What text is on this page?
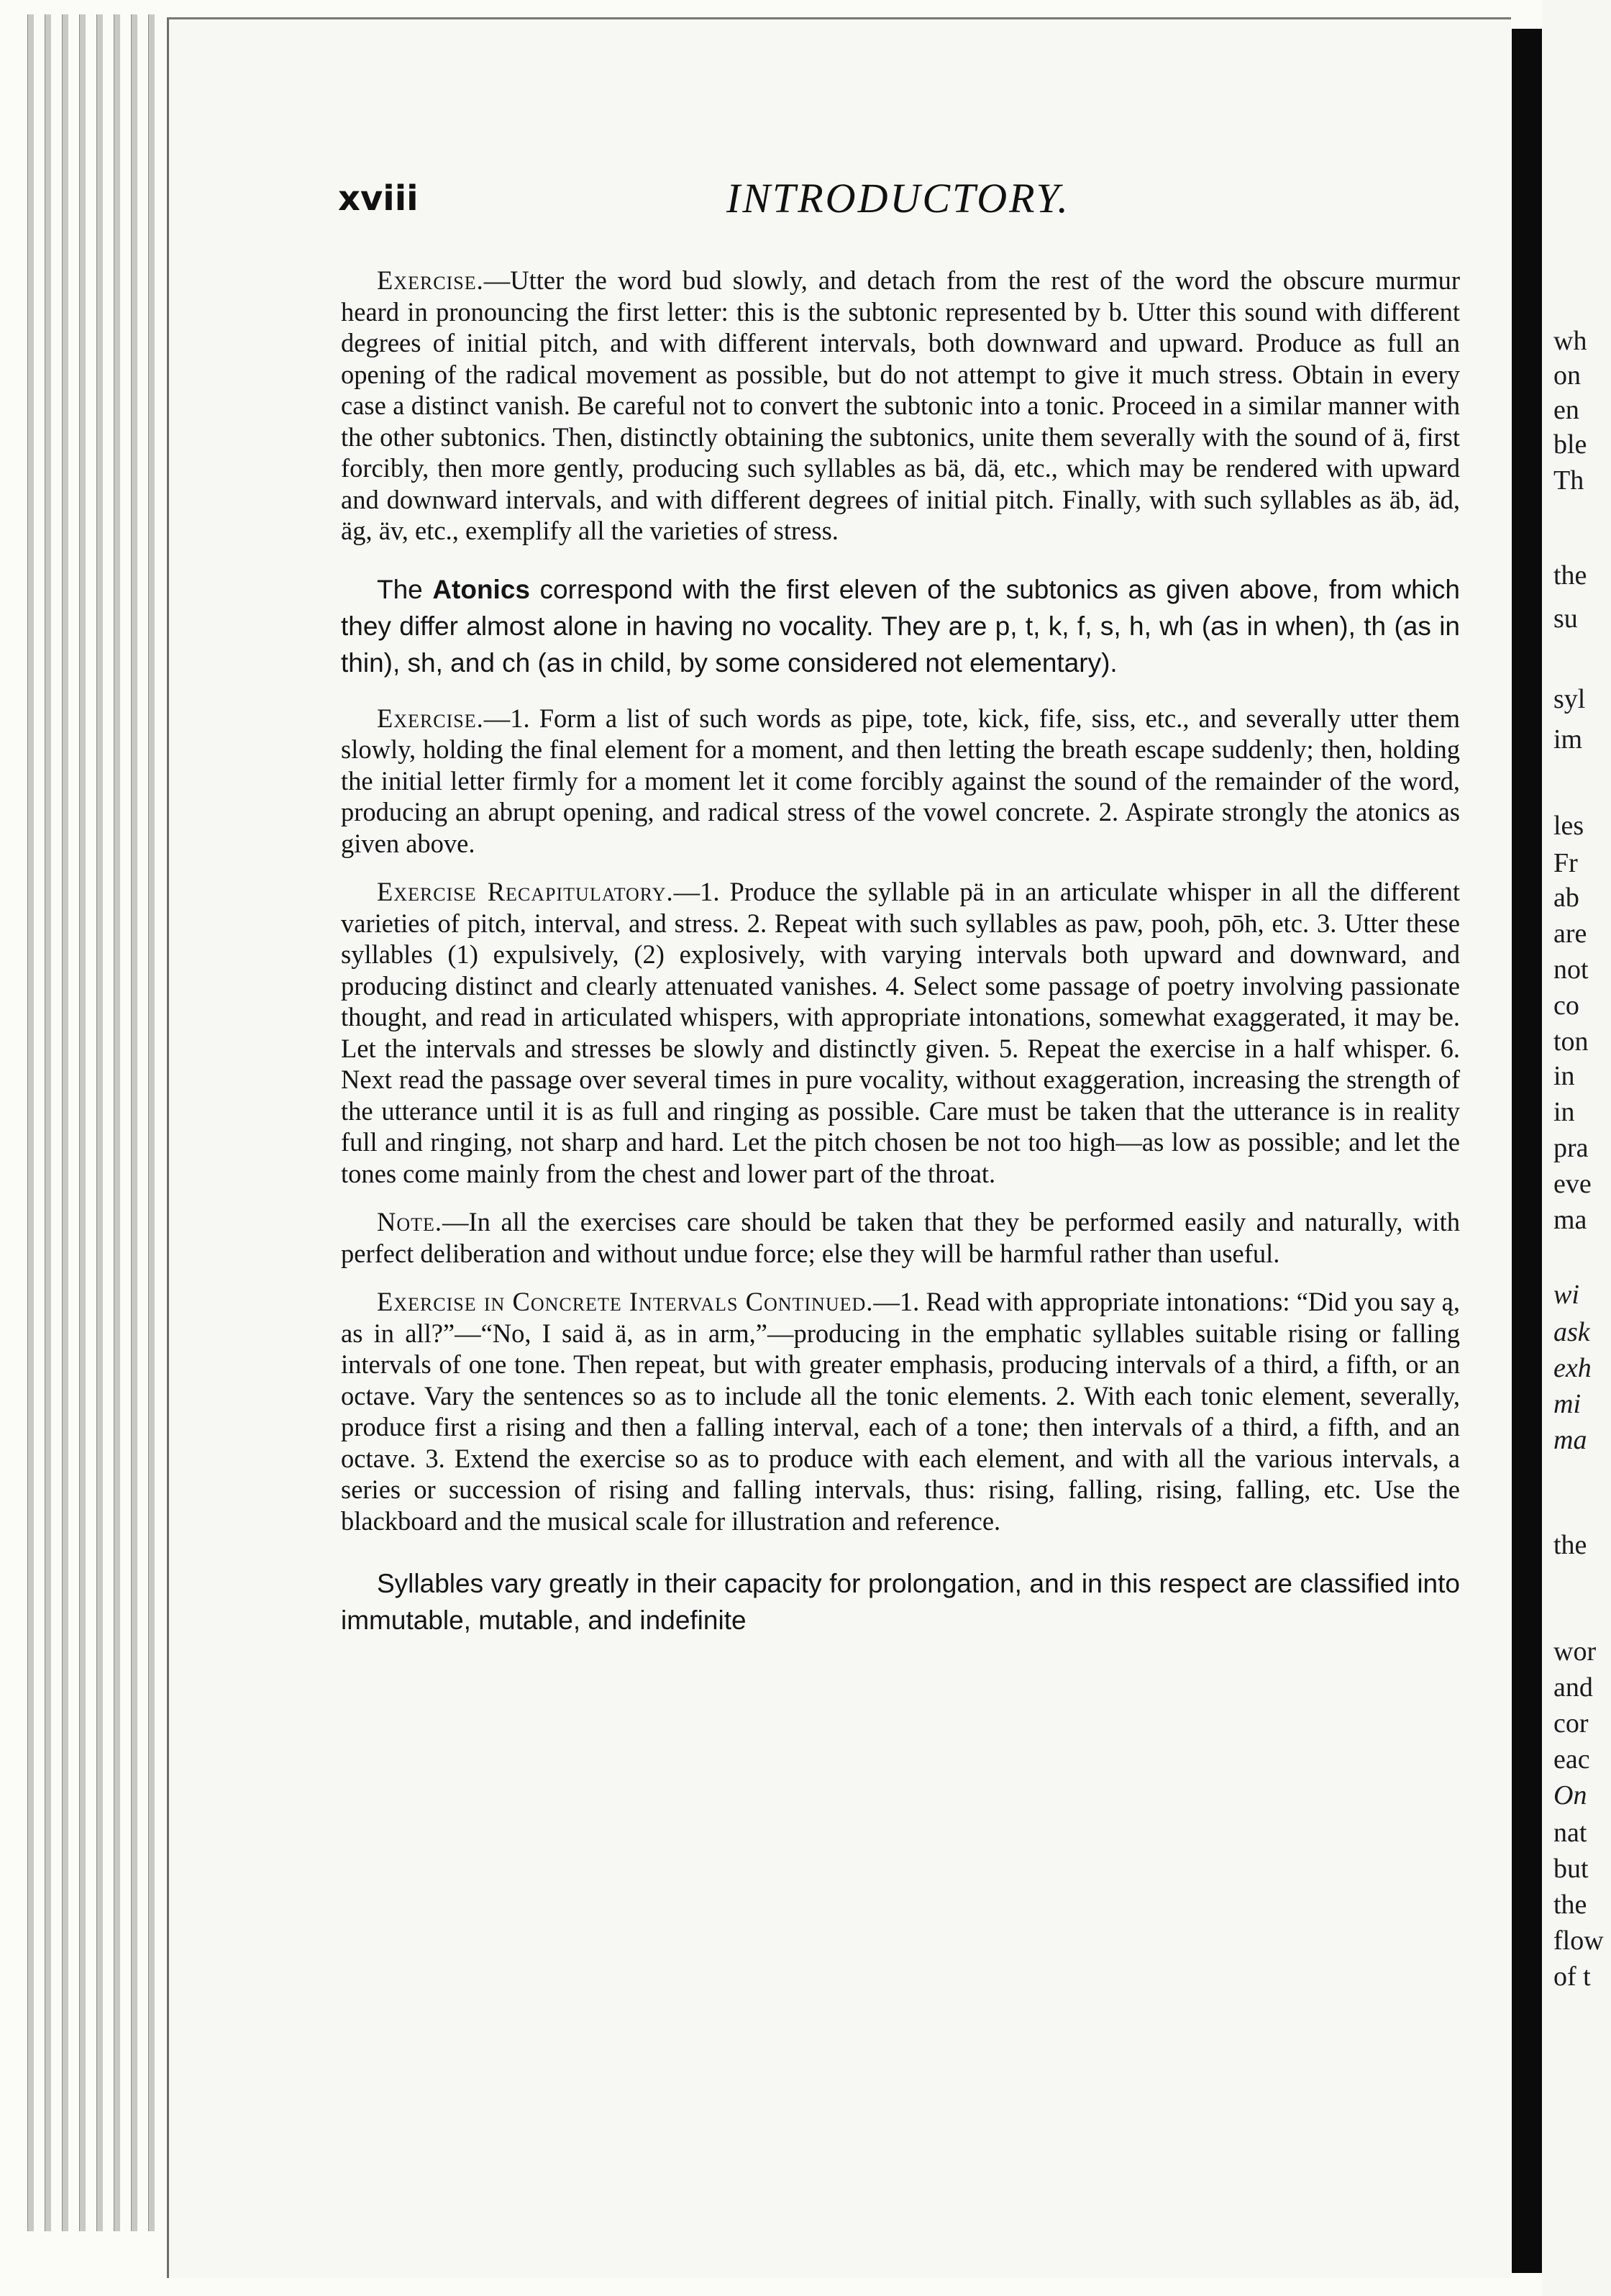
wh
on
en
ble
Th
the
su
syl
im
les
Fr
ab
are
not
co
ton
in
in
pra
eve
ma
wi
ask
exh
mi
ma
the
wor
and
cor
eac
On
nat
but
the
flow
of t
xviii	INTRODUCTORY.

Exercise.—Utter the word bud slowly, and detach from the rest of the word the obscure murmur heard in pronouncing the first letter: this is the subtonic represented by b. Utter this sound with different degrees of initial pitch, and with different intervals, both downward and upward. Produce as full an opening of the radical movement as possible, but do not attempt to give it much stress. Obtain in every case a distinct vanish. Be careful not to convert the subtonic into a tonic. Proceed in a similar manner with the other subtonics. Then, distinctly obtaining the subtonics, unite them severally with the sound of ä, first forcibly, then more gently, producing such syllables as bä, dä, etc., which may be rendered with upward and downward intervals, and with different degrees of initial pitch. Finally, with such syllables as äb, äd, äg, äv, etc., exemplify all the varieties of stress.

The Atonics correspond with the first eleven of the subtonics as given above, from which they differ almost alone in having no vocality. They are p, t, k, f, s, h, wh (as in when), th (as in thin), sh, and ch (as in child, by some considered not elementary).

Exercise.—1. Form a list of such words as pipe, tote, kick, fife, siss, etc., and severally utter them slowly, holding the final element for a moment, and then letting the breath escape suddenly; then, holding the initial letter firmly for a moment let it come forcibly against the sound of the remainder of the word, producing an abrupt opening, and radical stress of the vowel concrete. 2. Aspirate strongly the atonics as given above.

Exercise Recapitulatory.—1. Produce the syllable pä in an articulate whisper in all the different varieties of pitch, interval, and stress. 2. Repeat with such syllables as paw, pooh, pōh, etc. 3. Utter these syllables (1) expulsively, (2) explosively, with varying intervals both upward and downward, and producing distinct and clearly attenuated vanishes. 4. Select some passage of poetry involving passionate thought, and read in articulated whispers, with appropriate intonations, somewhat exaggerated, it may be. Let the intervals and stresses be slowly and distinctly given. 5. Repeat the exercise in a half whisper. 6. Next read the passage over several times in pure vocality, without exaggeration, increasing the strength of the utterance until it is as full and ringing as possible. Care must be taken that the utterance is in reality full and ringing, not sharp and hard. Let the pitch chosen be not too high—as low as possible; and let the tones come mainly from the chest and lower part of the throat.

Note.—In all the exercises care should be taken that they be performed easily and naturally, with perfect deliberation and without undue force; else they will be harmful rather than useful.

Exercise in Concrete Intervals Continued.—1. Read with appropriate intonations: “Did you say ą, as in all?”—“No, I said ä, as in arm,”—producing in the emphatic syllables suitable rising or falling intervals of one tone. Then repeat, but with greater emphasis, producing intervals of a third, a fifth, or an octave. Vary the sentences so as to include all the tonic elements. 2. With each tonic element, severally, produce first a rising and then a falling interval, each of a tone; then intervals of a third, a fifth, and an octave. 3. Extend the exercise so as to produce with each element, and with all the various intervals, a series or succession of rising and falling intervals, thus: rising, falling, rising, falling, etc. Use the blackboard and the musical scale for illustration and reference.

Syllables vary greatly in their capacity for prolongation, and in this respect are classified into immutable, mutable, and indefinite
